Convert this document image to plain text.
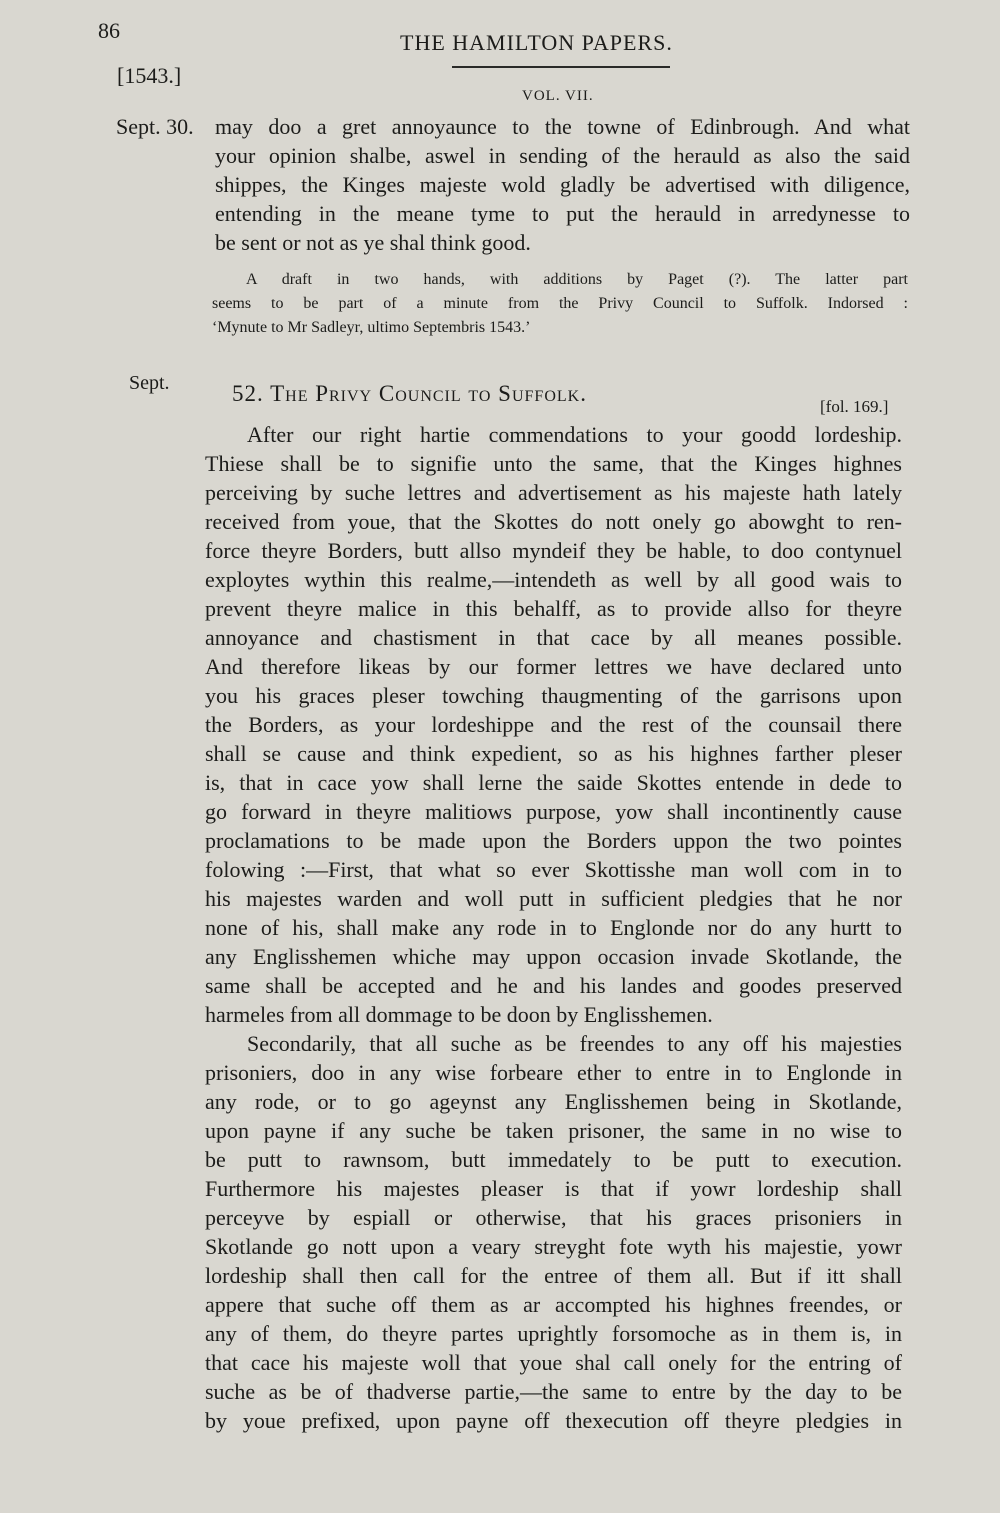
86	THE HAMILTON PAPERS.
[1543.]
VOL. VII.
Sept. 30. may doo a gret annoyaunce to the towne of Edinbrough. And what
your opinion shalbe, aswel in sending of the herauld as also the said
shippes, the Kinges majeste wold gladly be advertised with diligence,
entending in the meane tyme to put the herauld in arredynesse to
be sent or not as ye shal think good.
A draft in two hands, with additions by Paget (?). The latter part
seems to be part of a minute from the Privy Council to Suffolk. Indorsed :
‘Mynute to Mr Sadleyr, ultimo Septembris 1543.’
Sept.	52. The Privy Council to Suffolk.
[fol. 169.]
After our right hartie commendations to your goodd lordeship.
Thiese shall be to signifie unto the same, that the Kinges highnes
perceiving by suche lettres and advertisement as his majeste hath lately
received from youe, that the Skottes do nott onely go abowght to ren-
force theyre Borders, butt allso myndeif they be hable, to doo contynuel
exploytes wythin this realme,—intendeth as well by all good wais to
prevent theyre malice in this behalff, as to provide allso for theyre
annoyance and chastisment in that cace by all meanes possible.
And therefore likeas by our former lettres we have declared unto
you his graces pleser towching thaugmenting of the garrisons upon
the Borders, as your lordeshippe and the rest of the counsail there
shall se cause and think expedient, so as his highnes farther pleser
is, that in cace yow shall lerne the saide Skottes entende in dede to
go forward in theyre malitiows purpose, yow shall incontinently cause
proclamations to be made upon the Borders uppon the two pointes
folowing :—First, that what so ever Skottisshe man woll com in to
his majestes warden and woll putt in sufficient pledgies that he nor
none of his, shall make any rode in to Englonde nor do any hurtt to
any Englisshemen whiche may uppon occasion invade Skotlande, the
same shall be accepted and he and his landes and goodes preserved
harmeles from all dommage to be doon by Englisshemen.
Secondarily, that all suche as be freendes to any off his majesties
prisoniers, doo in any wise forbeare ether to entre in to Englonde in
any rode, or to go ageynst any Englisshemen being in Skotlande,
upon payne if any suche be taken prisoner, the same in no wise to
be putt to rawnsom, butt immedately to be putt to execution.
Furthermore his majestes pleaser is that if yowr lordeship shall
perceyve by espiall or otherwise, that his graces prisoniers in
Skotlande go nott upon a veary streyght fote wyth his majestie, yowr
lordeship shall then call for the entree of them all. But if itt shall
appere that suche off them as ar accompted his highnes freendes, or
any of them, do theyre partes uprightly forsomoche as in them is, in
that cace his majeste woll that youe shal call onely for the entring of
suche as be of thadverse partie,—the same to entre by the day to be
by youe prefixed, upon payne off thexecution off theyre pledgies in
